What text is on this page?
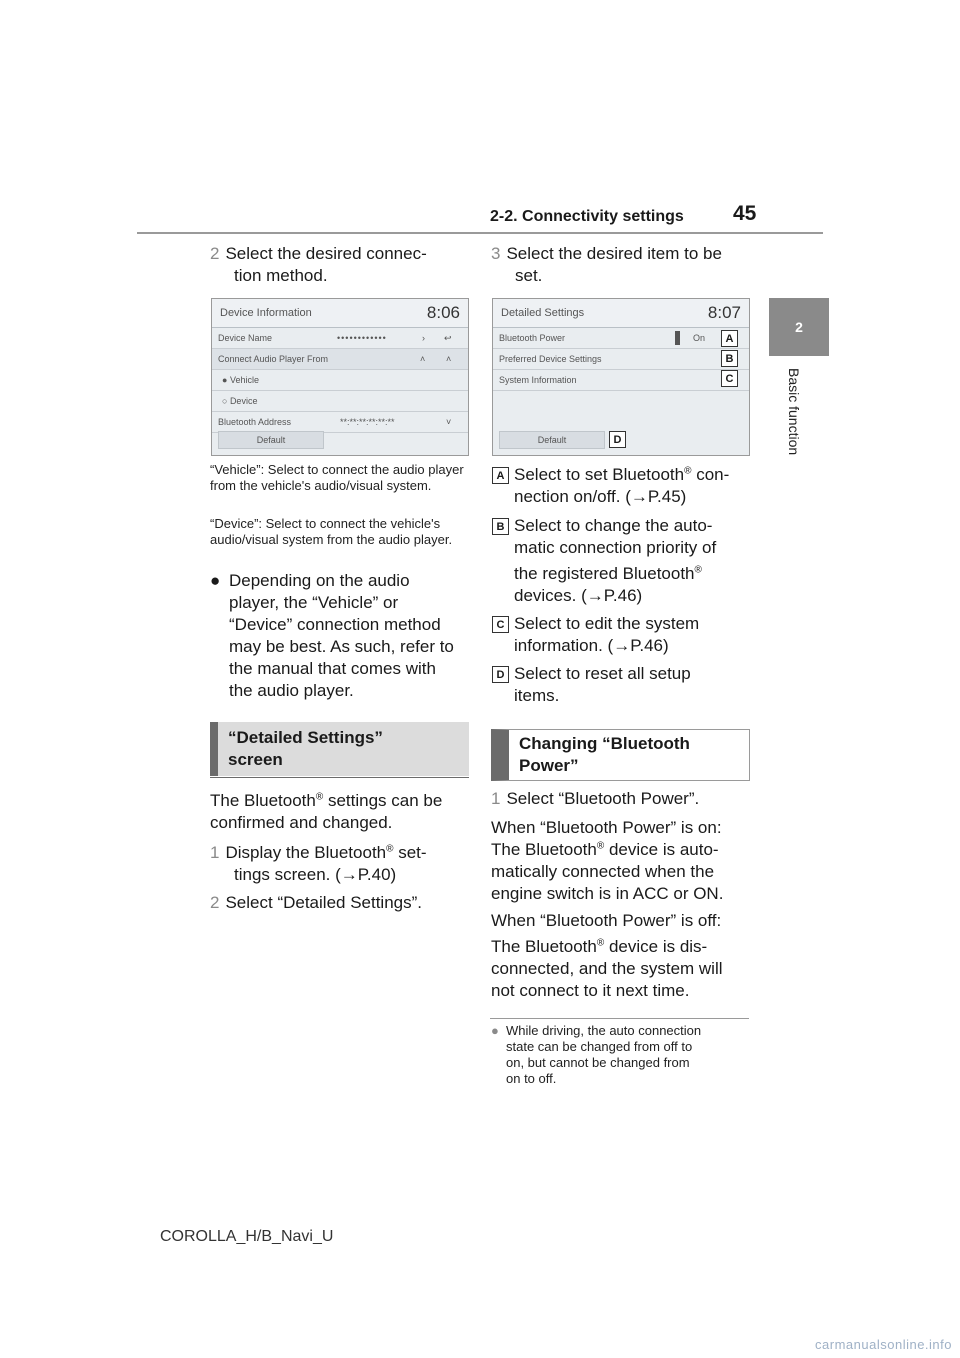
2-2. Connectivity settings 45
2
Basic function
2 Select the desired connec-
tion method.
Device Information	8:06
Device Name	••••••••••••	› ↩
Connect Audio Player From	˄ ˄
● Vehicle
○ Device
Bluetooth Address	**:**:**:**:**:**	˅
Default
“Vehicle”: Select to connect the audio player from the vehicle's audio/visual system.
“Device”: Select to connect the vehicle's audio/visual system from the audio player.
● Depending on the audio
player, the “Vehicle” or
“Device” connection method
may be best. As such, refer to
the manual that comes with
the audio player.
“Detailed Settings”
screen
The Bluetooth® settings can be
confirmed and changed.
1 Display the Bluetooth® set-
tings screen. (→P.40)
2 Select “Detailed Settings”.
3 Select the desired item to be
set.
Detailed Settings	8:07
Bluetooth Power	On
Preferred Device Settings
System Information
Default
A
B
C
D
A Select to set Bluetooth® con-
nection on/off. (→P.45)
B Select to change the auto-
matic connection priority of
the registered Bluetooth®
devices. (→P.46)
C Select to edit the system
information. (→P.46)
D Select to reset all setup
items.
Changing “Bluetooth
Power”
1 Select “Bluetooth Power”.
When “Bluetooth Power” is on:
The Bluetooth® device is auto-
matically connected when the
engine switch is in ACC or ON.
When “Bluetooth Power” is off:
The Bluetooth® device is dis-
connected, and the system will
not connect to it next time.
● While driving, the auto connection
state can be changed from off to
on, but cannot be changed from
on to off.
COROLLA_H/B_Navi_U
carmanualsonline.info
